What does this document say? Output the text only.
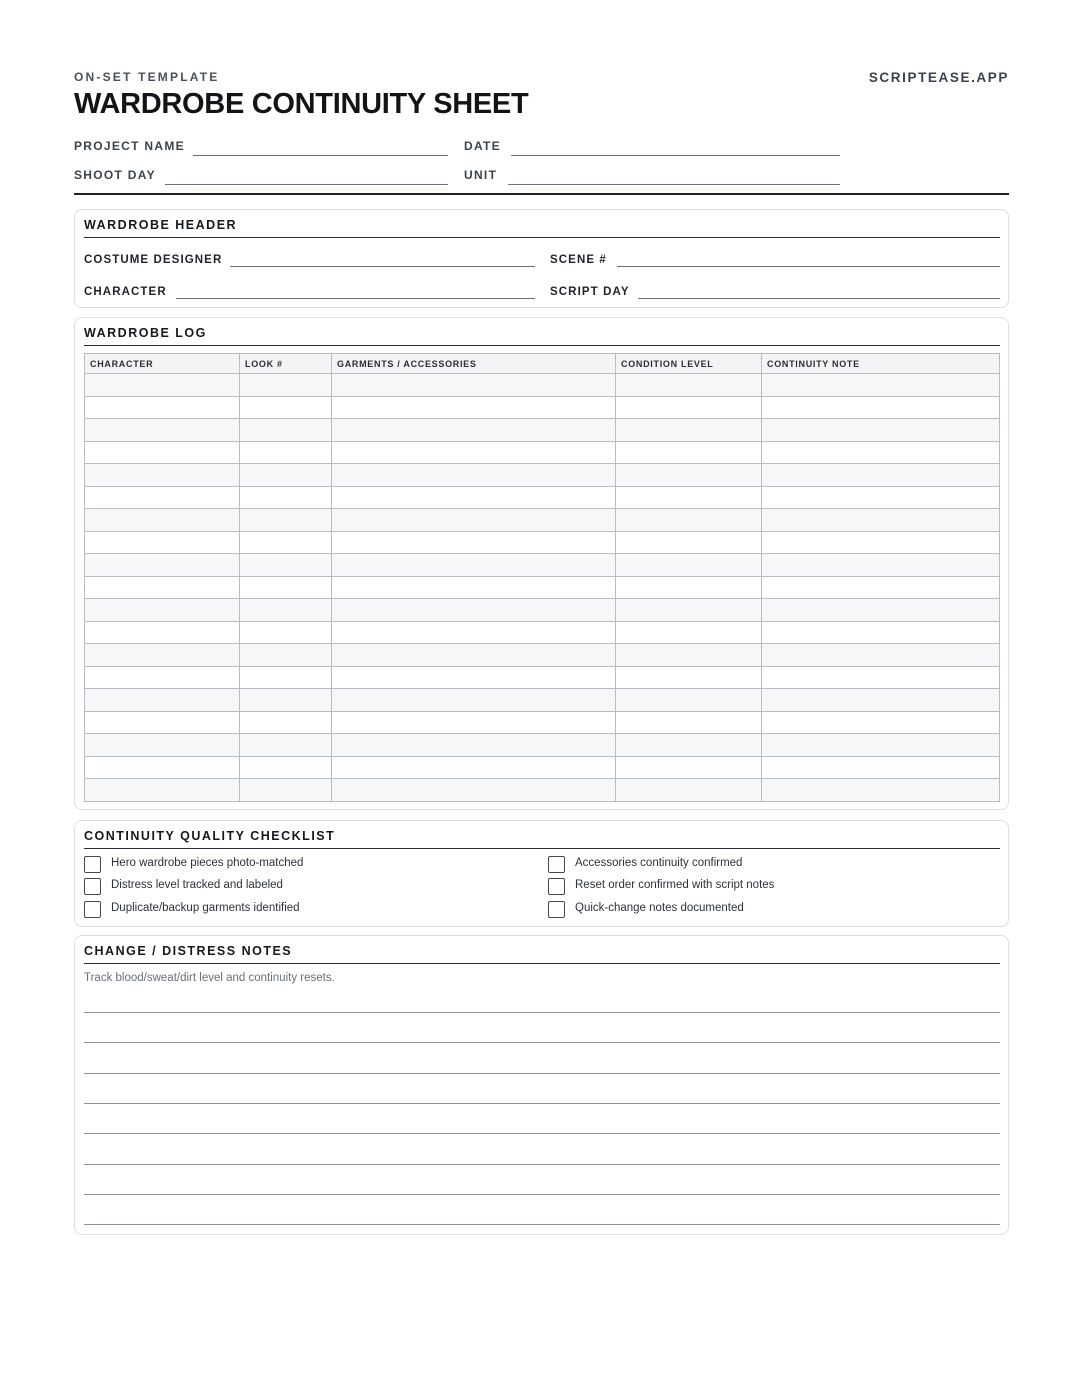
ON-SET TEMPLATE	SCRIPTEASE.APP
WARDROBE CONTINUITY SHEET
PROJECT NAME	DATE
SHOOT DAY	UNIT
WARDROBE HEADER
COSTUME DESIGNER	SCENE #
CHARACTER	SCRIPT DAY
WARDROBE LOG
CHARACTER	LOOK #	GARMENTS / ACCESSORIES	CONDITION LEVEL	CONTINUITY NOTE

CONTINUITY QUALITY CHECKLIST
Hero wardrobe pieces photo-matched
Distress level tracked and labeled
Duplicate/backup garments identified
Accessories continuity confirmed
Reset order confirmed with script notes
Quick-change notes documented
CHANGE / DISTRESS NOTES
Track blood/sweat/dirt level and continuity resets.
